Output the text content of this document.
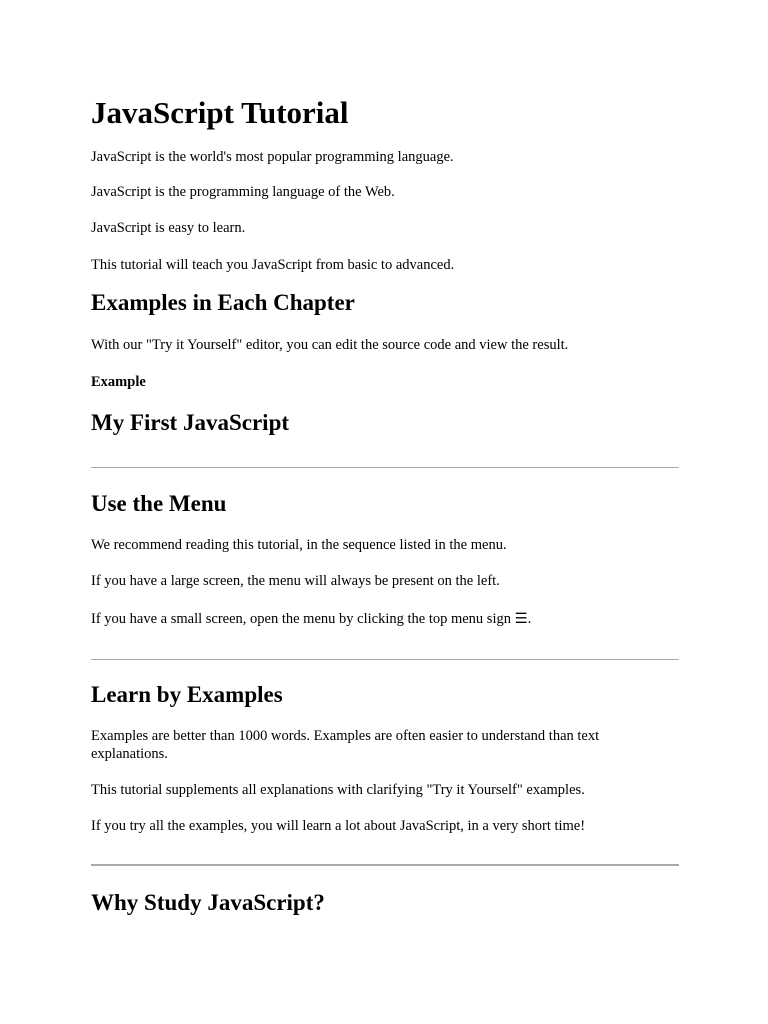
JavaScript Tutorial

JavaScript is the world's most popular programming language.

JavaScript is the programming language of the Web.

JavaScript is easy to learn.

This tutorial will teach you JavaScript from basic to advanced.

Examples in Each Chapter

With our "Try it Yourself" editor, you can edit the source code and view the result.

Example
My First JavaScript
Use the Menu

We recommend reading this tutorial, in the sequence listed in the menu.

If you have a large screen, the menu will always be present on the left.

If you have a small screen, open the menu by clicking the top menu sign ☰.

Learn by Examples

Examples are better than 1000 words. Examples are often easier to understand than text explanations.

This tutorial supplements all explanations with clarifying "Try it Yourself" examples.

If you try all the examples, you will learn a lot about JavaScript, in a very short time!

Why Study JavaScript?
